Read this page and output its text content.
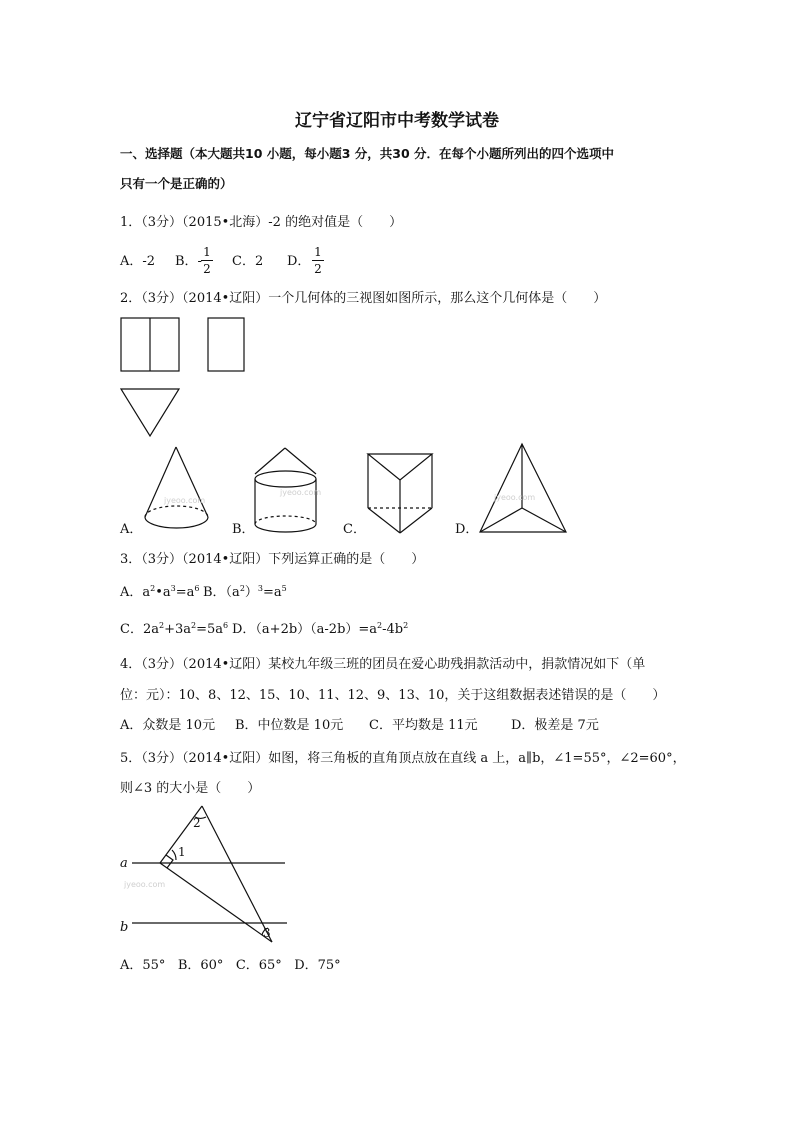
辽宁省辽阳市中考数学试卷
一、选择题（本大题共10 小题，每小题3 分，共30 分．在每个小题所列出的四个选项中
只有一个是正确的）
1．（3分）（2015•北海）-2 的绝对值是（　　）
A．-2 B．- $\frac{1}{2}$ C．2 D． $\frac{1}{2}$
2．（3分）（2014•辽阳）一个几何体的三视图如图所示，那么这个几何体是（　　）
jyeoo.com
jyeoo.com
jyeoo.com
jyeoo.com
A．	B．	C．	D．
3．（3分）（2014•辽阳）下列运算正确的是（　　）
A．$a^2•a^3=a^6$ B．$(a^2)^3=a^5$
C．$2a^2+3a^2=5a^6$ D．$(a+2b)(a-2b)=a^2-4b^2$
4．（3分）（2014•辽阳）某校九年级三班的团员在爱心助残捐款活动中，捐款情况如下（单
位：元）：10、8、12、15、10、11、12、9、13、10，关于这组数据表述错误的是（　　）
A．众数是 10元 B．中位数是 10元 C．平均数是 11元	D．极差是 7元
5．（3分）（2014•辽阳）如图，将三角板的直角顶点放在直线 a 上，a∥b，∠1=55°，∠2=60°，
则∠3 的大小是（　　）
a
b
1
2
3
A．55°   B．60°   C．65°   D．75°
